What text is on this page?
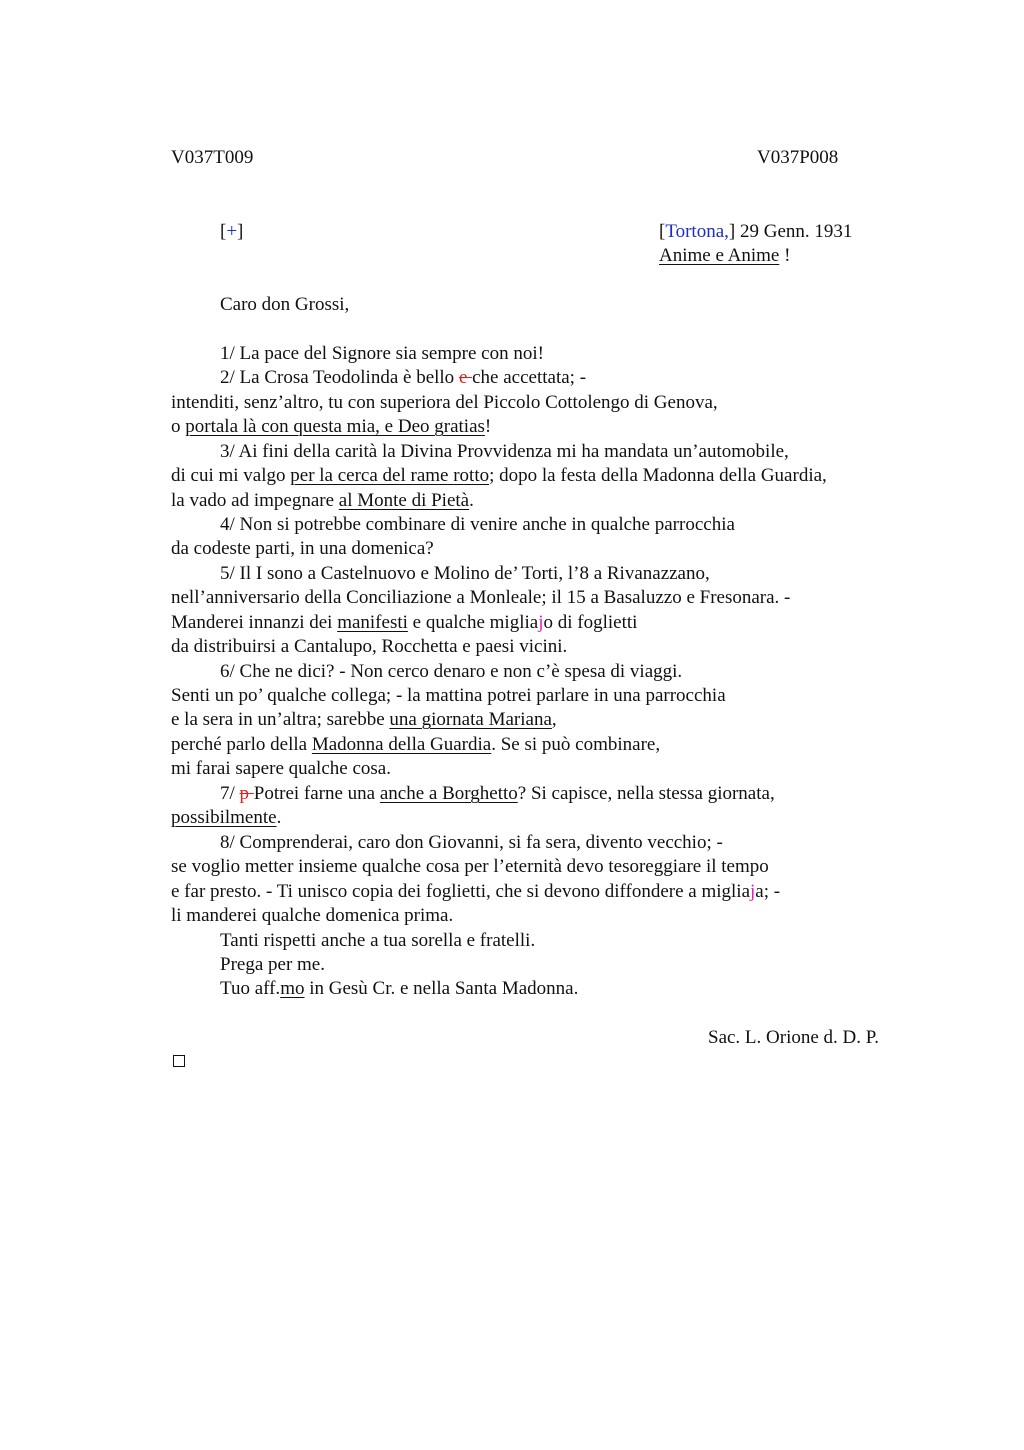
V037T009	V037P008
[+]	[Tortona,] 29 Genn. 1931
Anime e Anime !
Caro don Grossi,
1/ La pace del Signore sia sempre con noi!
2/ La Crosa Teodolinda è bello e che accettata; -
intenditi, senz’altro, tu con superiora del Piccolo Cottolengo di Genova,
o portala là con questa mia, e Deo gratias!
3/ Ai fini della carità la Divina Provvidenza mi ha mandata un’automobile,
di cui mi valgo per la cerca del rame rotto; dopo la festa della Madonna della Guardia,
la vado ad impegnare al Monte di Pietà.
4/ Non si potrebbe combinare di venire anche in qualche parrocchia
da codeste parti, in una domenica?
5/ Il I sono a Castelnuovo e Molino de’ Torti, l’8 a Rivanazzano,
nell’anniversario della Conciliazione a Monleale; il 15 a Basaluzzo e Fresonara. -
Manderei innanzi dei manifesti e qualche migliajo di foglietti
da distribuirsi a Cantalupo, Rocchetta e paesi vicini.
6/ Che ne dici? - Non cerco denaro e non c’è spesa di viaggi.
Senti un po’ qualche collega; - la mattina potrei parlare in una parrocchia
e la sera in un’altra; sarebbe una giornata Mariana,
perché parlo della Madonna della Guardia. Se si può combinare,
mi farai sapere qualche cosa.
7/ p Potrei farne una anche a Borghetto? Si capisce, nella stessa giornata,
possibilmente.
8/ Comprenderai, caro don Giovanni, si fa sera, divento vecchio; -
se voglio metter insieme qualche cosa per l’eternità devo tesoreggiare il tempo
e far presto. - Ti unisco copia dei foglietti, che si devono diffondere a migliaja; -
li manderei qualche domenica prima.
Tanti rispetti anche a tua sorella e fratelli.
Prega per me.
Tuo aff.mo in Gesù Cr. e nella Santa Madonna.
Sac. L. Orione d. D. P.
